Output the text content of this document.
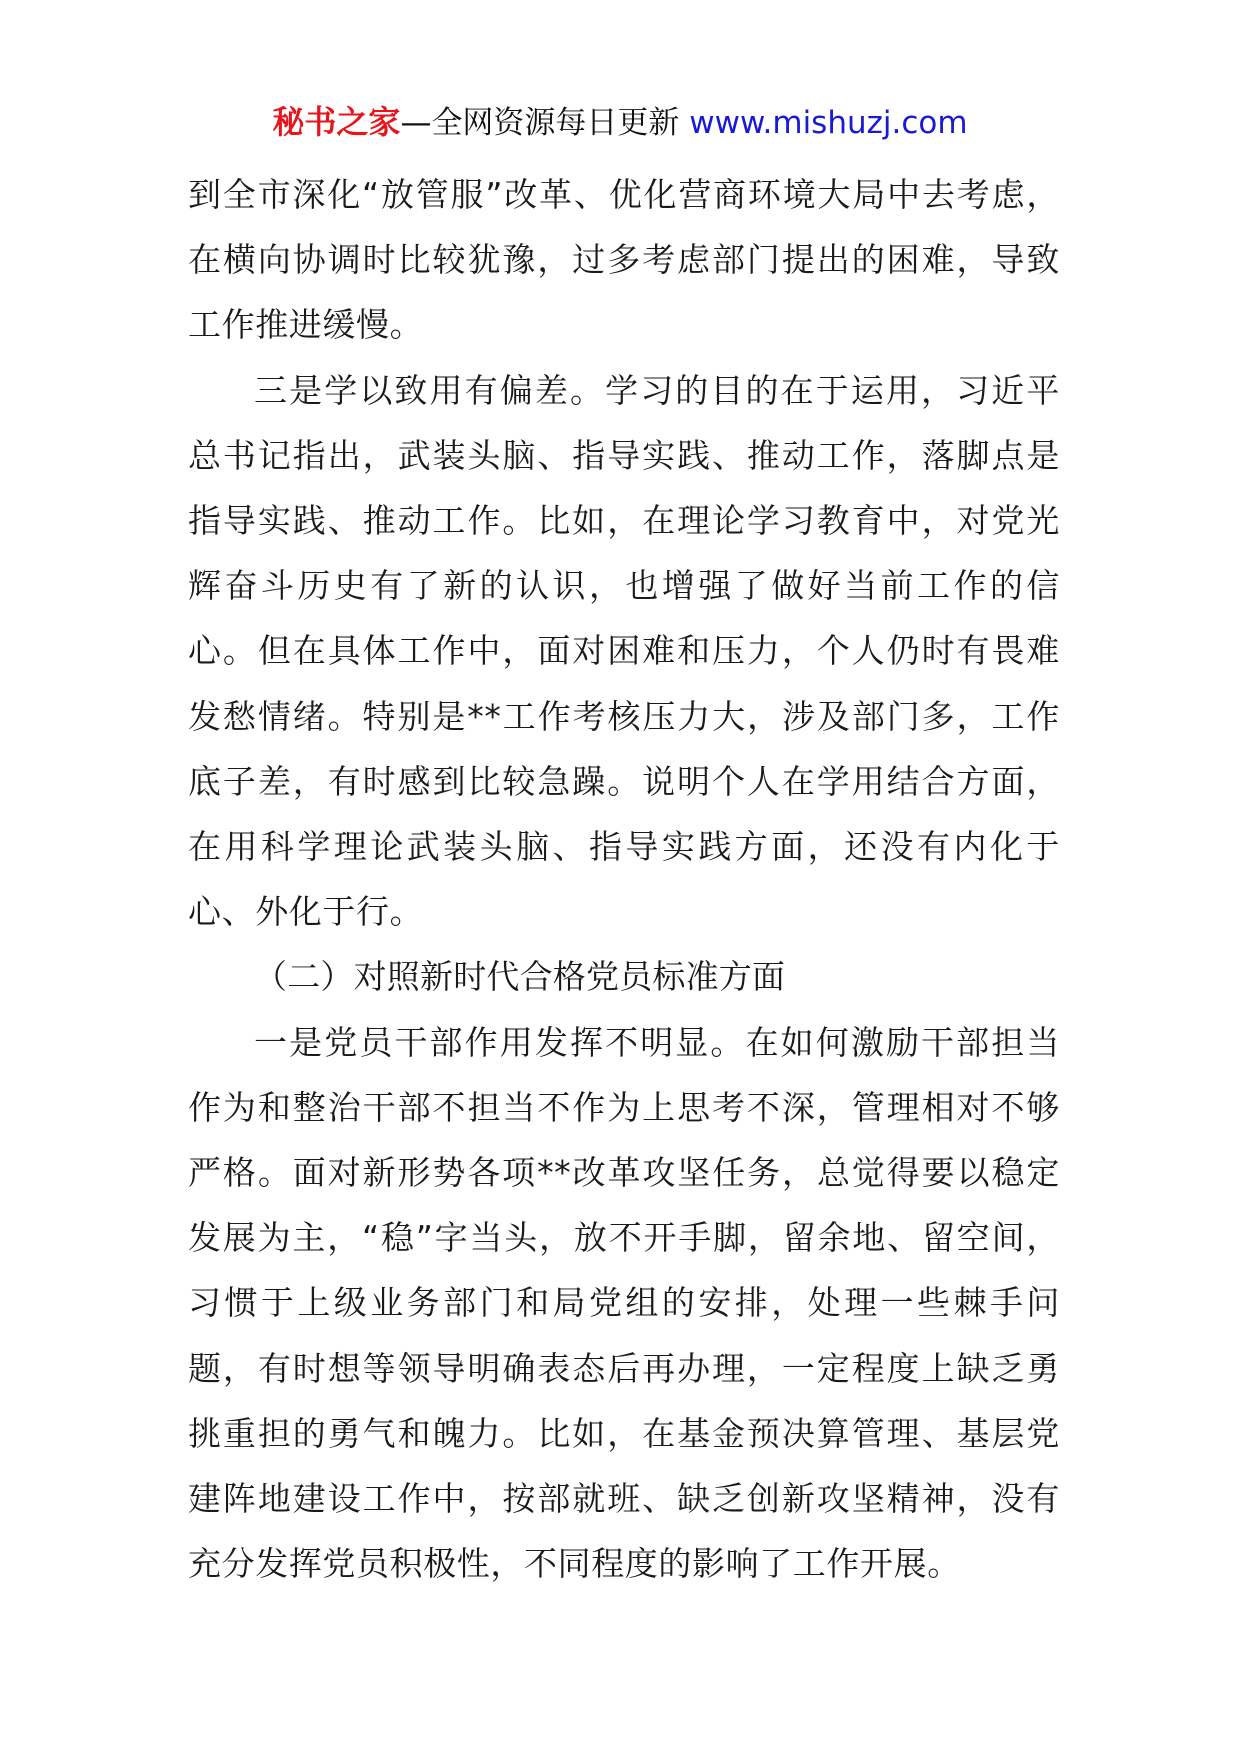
秘书之家—全网资源每日更新 www.mishuzj.com

到全市深化“放管服”改革、优化营商环境大局中去考虑，在横向协调时比较犹豫，过多考虑部门提出的困难，导致工作推进缓慢。

三是学以致用有偏差。学习的目的在于运用，习近平总书记指出，武装头脑、指导实践、推动工作，落脚点是指导实践、推动工作。比如，在理论学习教育中，对党光辉奋斗历史有了新的认识，也增强了做好当前工作的信心。但在具体工作中，面对困难和压力，个人仍时有畏难发愁情绪。特别是**工作考核压力大，涉及部门多，工作底子差，有时感到比较急躁。说明个人在学用结合方面，在用科学理论武装头脑、指导实践方面，还没有内化于心、外化于行。

（二）对照新时代合格党员标准方面

一是党员干部作用发挥不明显。在如何激励干部担当作为和整治干部不担当不作为上思考不深，管理相对不够严格。面对新形势各项**改革攻坚任务，总觉得要以稳定发展为主，“稳”字当头，放不开手脚，留余地、留空间，习惯于上级业务部门和局党组的安排，处理一些棘手问题，有时想等领导明确表态后再办理，一定程度上缺乏勇挑重担的勇气和魄力。比如，在基金预决算管理、基层党建阵地建设工作中，按部就班、缺乏创新攻坚精神，没有充分发挥党员积极性，不同程度的影响了工作开展。
